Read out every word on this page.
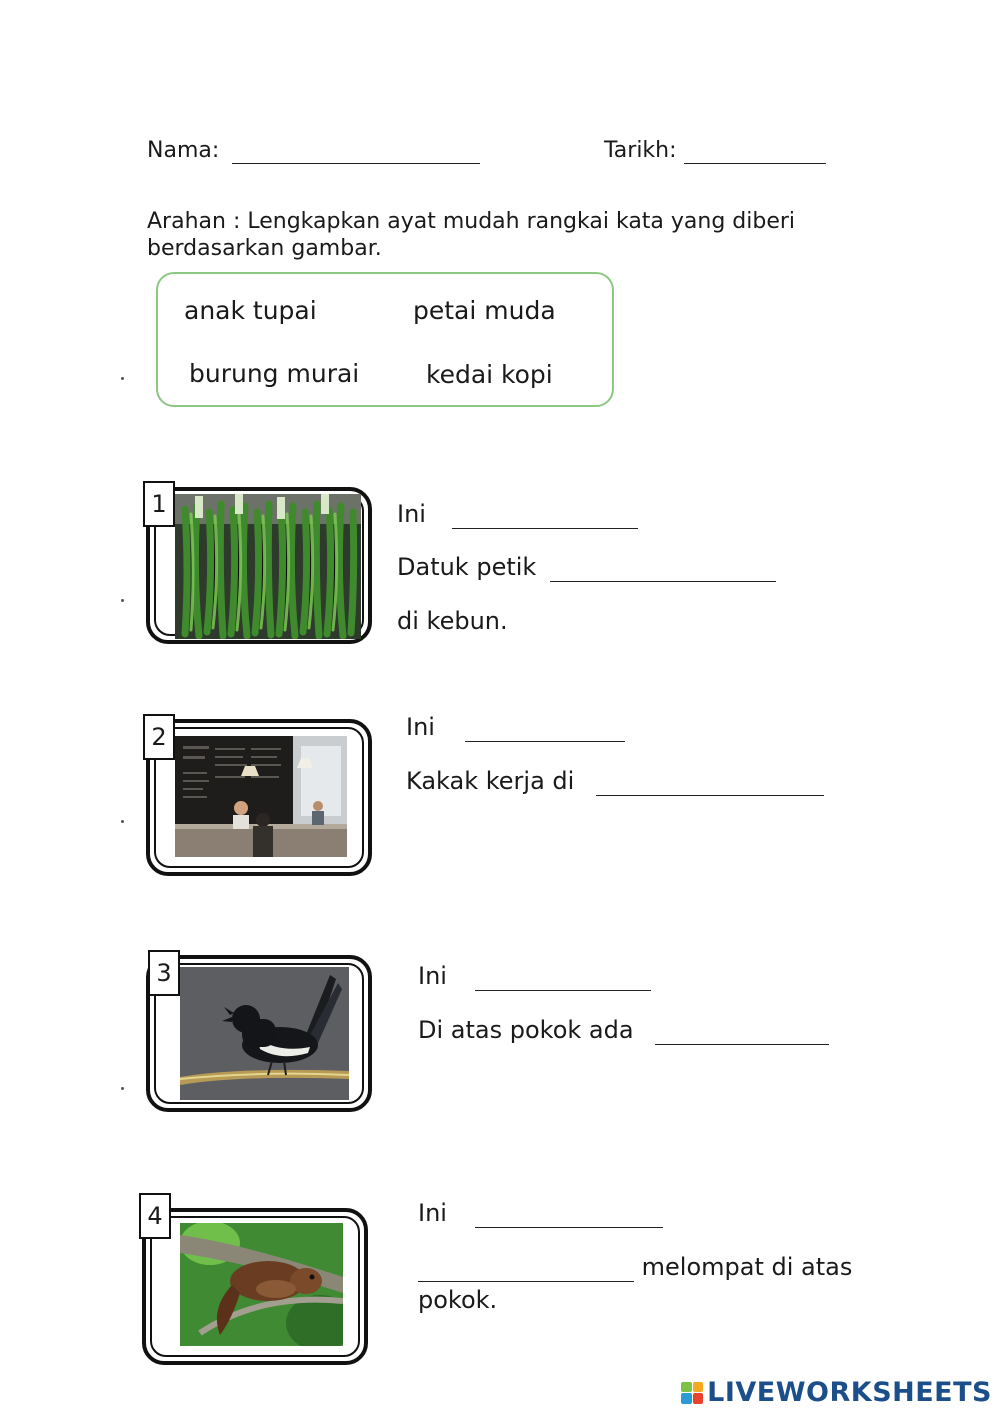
Nama:	Tarikh:
Arahan : Lengkapkan ayat mudah rangkai kata yang diberi
berdasarkan gambar.
anak tupai	petai muda
burung murai	kedai kopi
1	Ini
Datuk petik
di kebun.
2	Ini
Kakak kerja di
3	Ini
Di atas pokok ada
4	Ini
melompat di atas
pokok.
LIVEWORKSHEETS
